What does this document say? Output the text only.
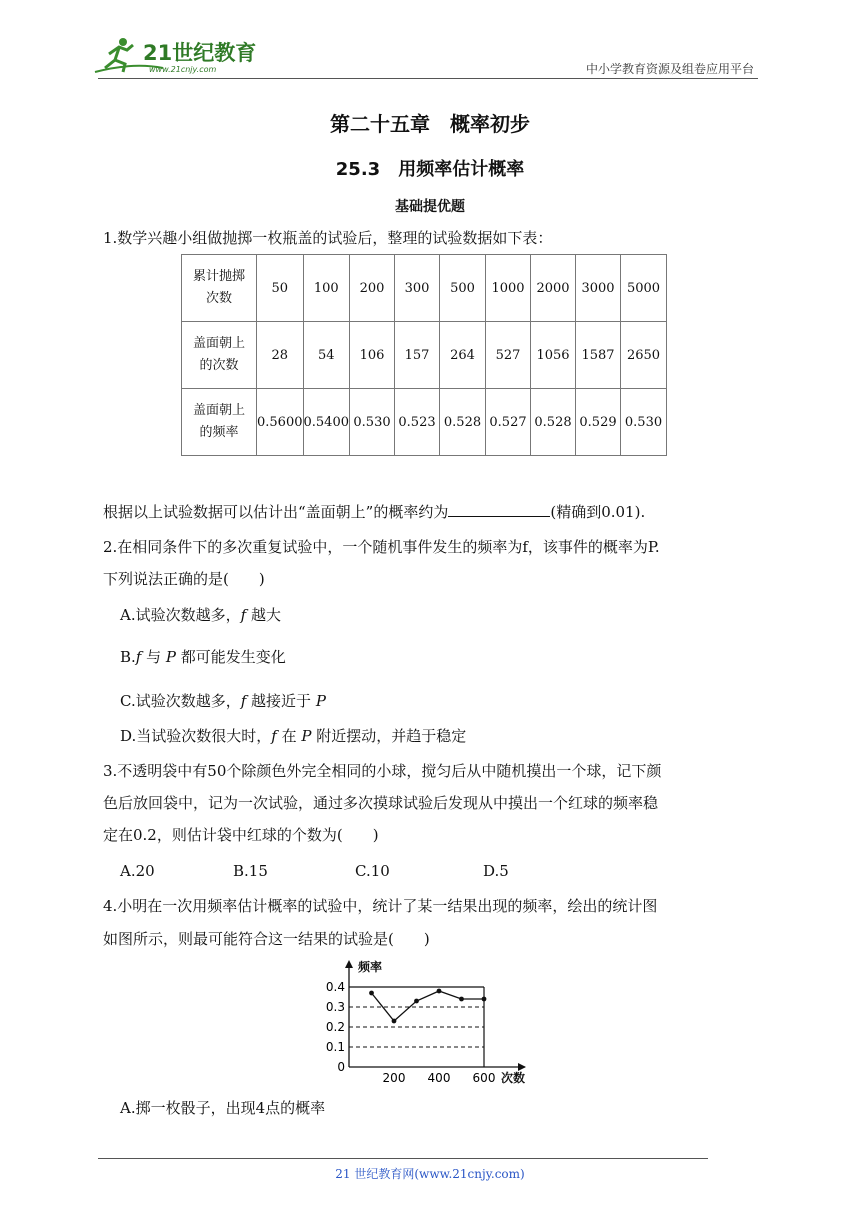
21世纪教育
www.21cnjy.com	中小学教育资源及组卷应用平台
第二十五章　概率初步
25.3　用频率估计概率
基础提优题
1.数学兴趣小组做抛掷一枚瓶盖的试验后，整理的试验数据如下表：
累计抛掷
次数	50	100	200	300	500	1000	2000	3000	5000
盖面朝上
的次数	28	54	106	157	264	527	1056	1587	2650
盖面朝上
的频率	0.5600	0.5400	0.530	0.523	0.528	0.527	0.528	0.529	0.530
根据以上试验数据可以估计出“盖面朝上”的概率约为	(精确到0.01).
2.在相同条件下的多次重复试验中，一个随机事件发生的频率为f，该事件的概率为P.
下列说法正确的是(　　)
A.试验次数越多，f 越大
B.f 与 P 都可能发生变化
C.试验次数越多，f 越接近于 P
D.当试验次数很大时，f 在 P 附近摆动，并趋于稳定
3.不透明袋中有50个除颜色外完全相同的小球，搅匀后从中随机摸出一个球，记下颜
色后放回袋中，记为一次试验，通过多次摸球试验后发现从中摸出一个红球的频率稳
定在0.2，则估计袋中红球的个数为(　　)
A.20	B.15	C.10	D.5
4.小明在一次用频率估计概率的试验中，统计了某一结果出现的频率，绘出的统计图
如图所示，则最可能符合这一结果的试验是(　　)
频率
次数
0
0.1
0.2
0.3
0.4
200 400 600
A.掷一枚骰子，出现4点的概率
21 世纪教育网(www.21cnjy.com)
